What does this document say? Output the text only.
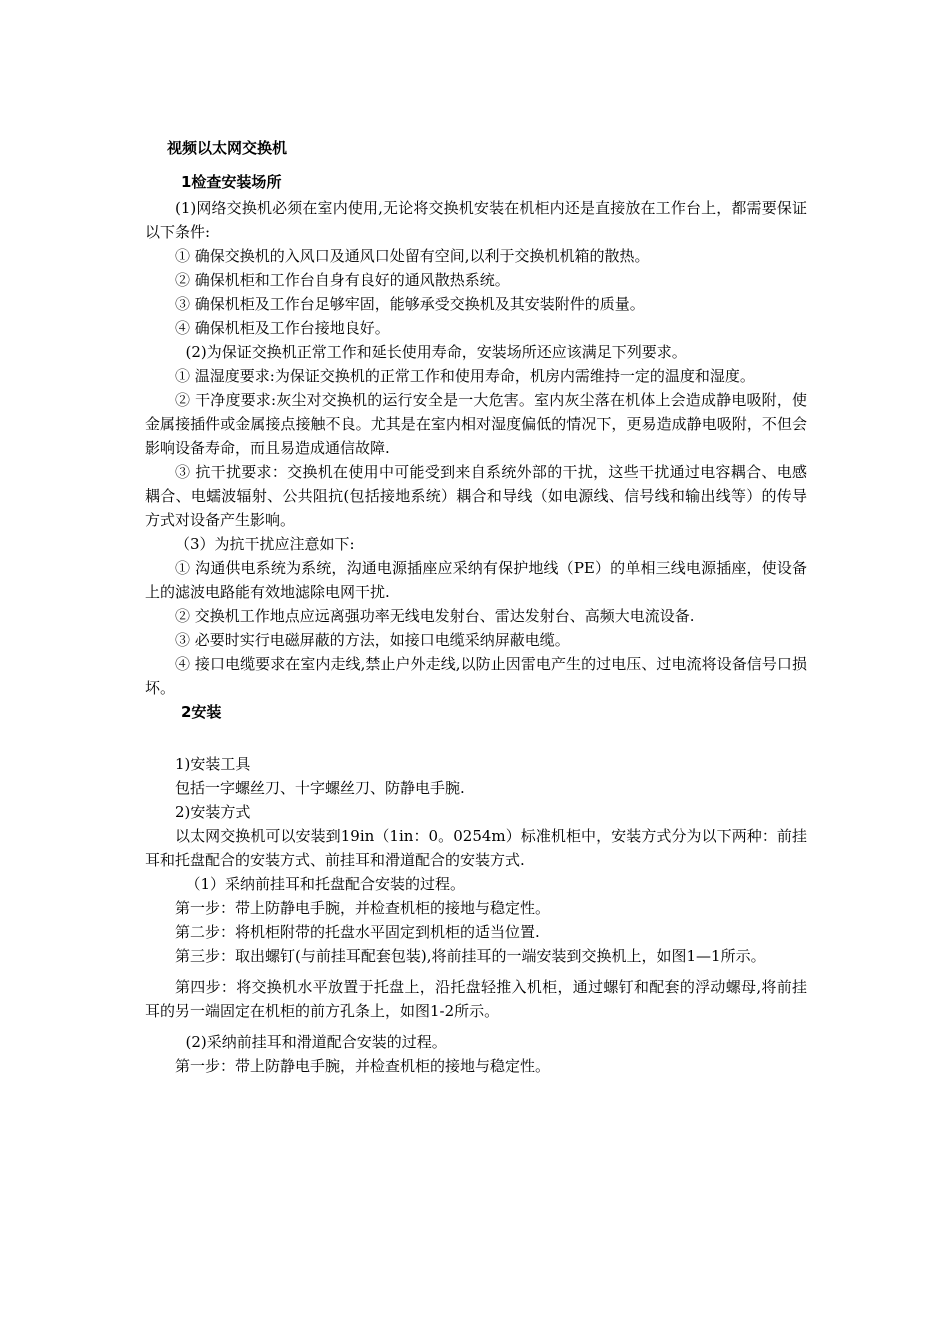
视频以太网交换机
1检查安装场所

(1)网络交换机必须在室内使用,无论将交换机安装在机柜内还是直接放在工作台上，都需要保证以下条件:

① 确保交换机的入风口及通风口处留有空间,以利于交换机机箱的散热。

② 确保机柜和工作台自身有良好的通风散热系统。

③ 确保机柜及工作台足够牢固，能够承受交换机及其安装附件的质量。

④ 确保机柜及工作台接地良好。

(2)为保证交换机正常工作和延长使用寿命，安装场所还应该满足下列要求。

① 温湿度要求:为保证交换机的正常工作和使用寿命，机房内需维持一定的温度和湿度。

② 干净度要求:灰尘对交换机的运行安全是一大危害。室内灰尘落在机体上会造成静电吸附，使金属接插件或金属接点接触不良。尤其是在室内相对湿度偏低的情况下，更易造成静电吸附，不但会影响设备寿命，而且易造成通信故障.

③ 抗干扰要求：交换机在使用中可能受到来自系统外部的干扰，这些干扰通过电容耦合、电感耦合、电蠕波辐射、公共阻抗(包括接地系统）耦合和导线（如电源线、信号线和输出线等）的传导方式对设备产生影响。

（3）为抗干扰应注意如下:

① 沟通供电系统为系统，沟通电源插座应采纳有保护地线（PE）的单相三线电源插座，使设备上的滤波电路能有效地滤除电网干扰.

② 交换机工作地点应远离强功率无线电发射台、雷达发射台、高频大电流设备.

③ 必要时实行电磁屏蔽的方法，如接口电缆采纳屏蔽电缆。

④ 接口电缆要求在室内走线,禁止户外走线,以防止因雷电产生的过电压、过电流将设备信号口损坏。

2安装

1)安装工具

包括一字螺丝刀、十字螺丝刀、防静电手腕.

2)安装方式

以太网交换机可以安装到19in（1in：0。0254m）标准机柜中，安装方式分为以下两种：前挂耳和托盘配合的安装方式、前挂耳和滑道配合的安装方式.

（1）采纳前挂耳和托盘配合安装的过程。

第一步：带上防静电手腕，并检查机柜的接地与稳定性。

第二步：将机柜附带的托盘水平固定到机柜的适当位置.

第三步：取出螺钉(与前挂耳配套包装),将前挂耳的一端安装到交换机上，如图1—1所示。

第四步：将交换机水平放置于托盘上，沿托盘轻推入机柜，通过螺钉和配套的浮动螺母,将前挂耳的另一端固定在机柜的前方孔条上，如图1-2所示。

(2)采纳前挂耳和滑道配合安装的过程。

第一步：带上防静电手腕，并检查机柜的接地与稳定性。
